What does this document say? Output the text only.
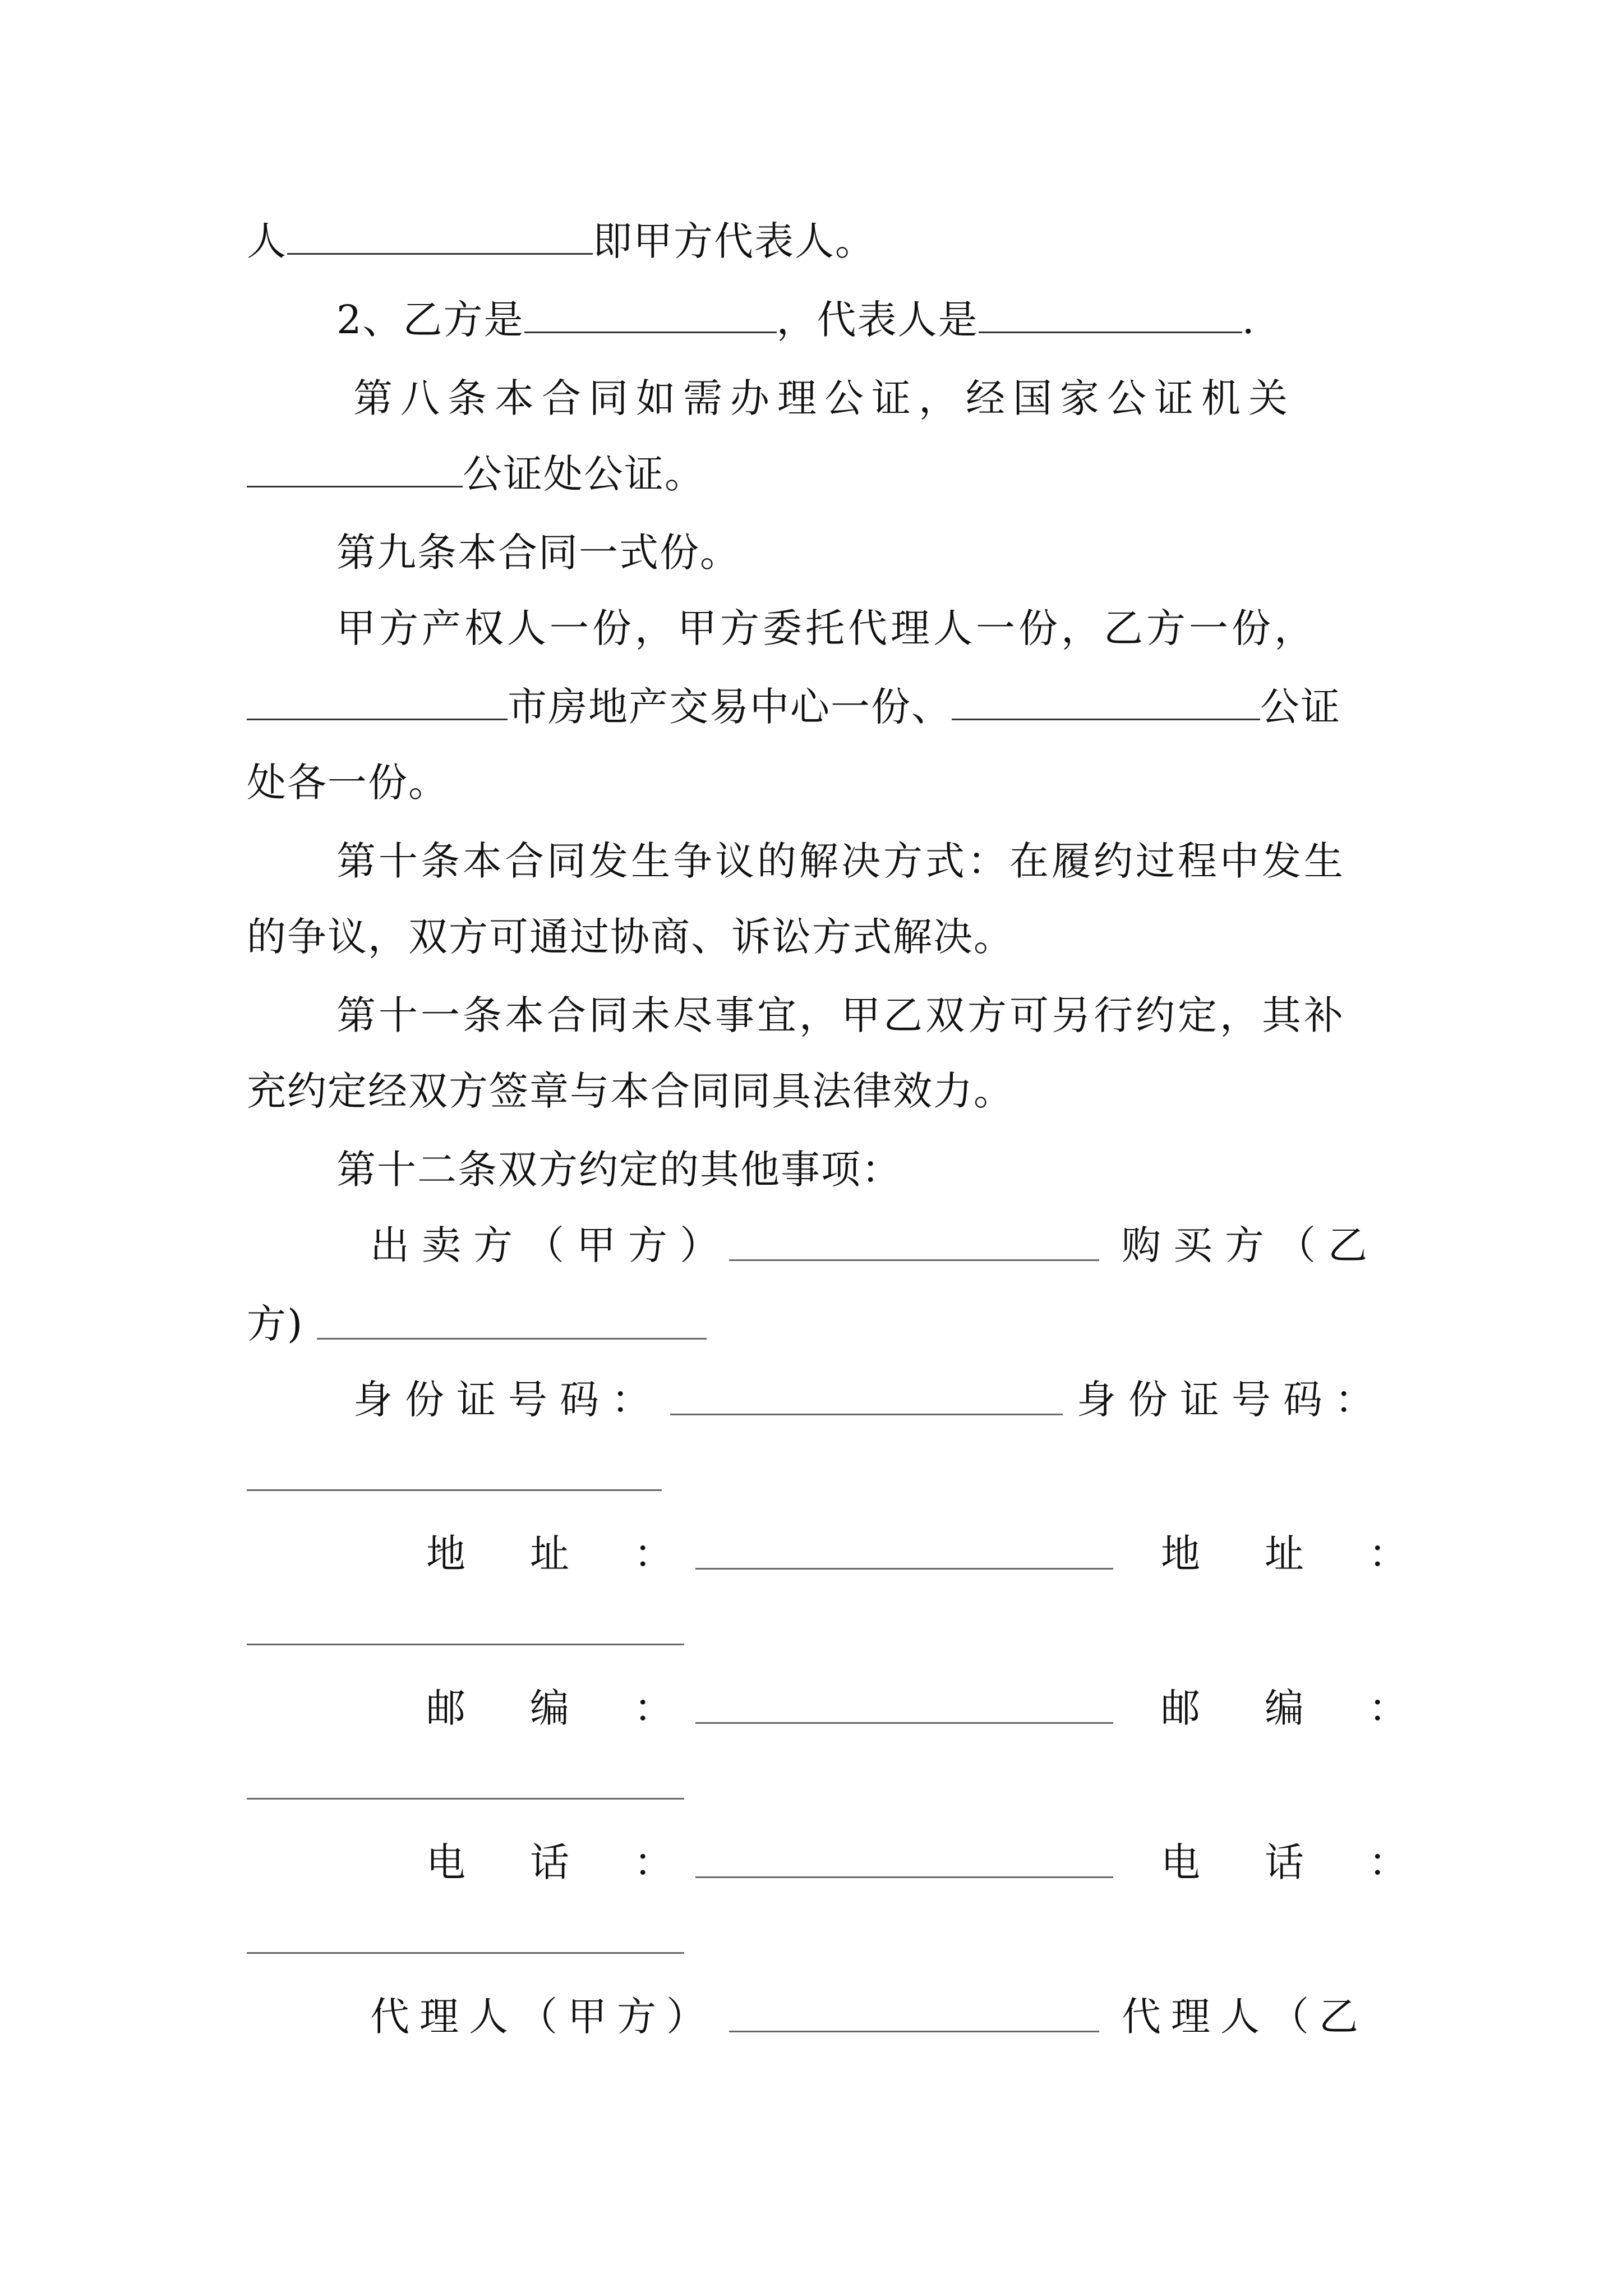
人	即甲方代表人。
2、乙方是	，代表人是	.
第八条本合同如需办理公证，经国家公证机关
公证处公证。
第九条本合同一式份。
甲方产权人一份，甲方委托代理人一份，乙方一份，
市房地产交易中心一份、	公证
处各一份。
第十条本合同发生争议的解决方式：在履约过程中发生
的争议，双方可通过协商、诉讼方式解决。
第十一条本合同未尽事宜，甲乙双方可另行约定，其补
充约定经双方签章与本合同同具法律效力。
第十二条双方约定的其他事项：
出卖方（甲方）	购买方（乙
方)
身份证号码：	身份证号码：
地 址 ：	地 址 ：
邮 编 ：	邮 编 ：
电 话 ：	电 话 ：
代理人（甲方）	代理人（乙
